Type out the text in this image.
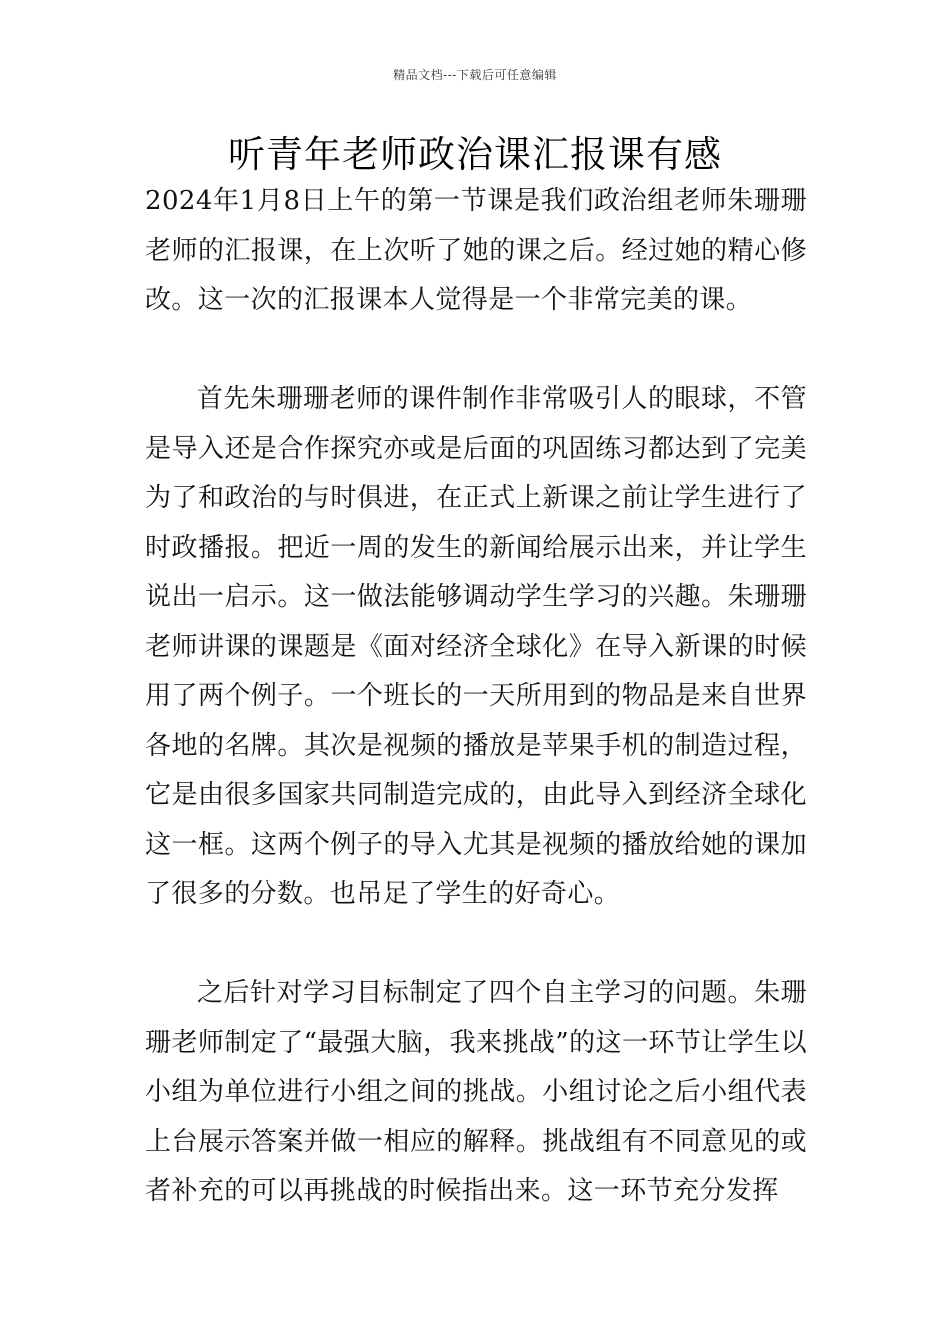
精品文档---下载后可任意编辑
听青年老师政治课汇报课有感

2024年1月8日上午的第一节课是我们政治组老师朱珊珊老师的汇报课，在上次听了她的课之后。经过她的精心修改。这一次的汇报课本人觉得是一个非常完美的课。

首先朱珊珊老师的课件制作非常吸引人的眼球，不管是导入还是合作探究亦或是后面的巩固练习都达到了完美为了和政治的与时俱进，在正式上新课之前让学生进行了时政播报。把近一周的发生的新闻给展示出来，并让学生说出一启示。这一做法能够调动学生学习的兴趣。朱珊珊老师讲课的课题是《面对经济全球化》在导入新课的时候用了两个例子。一个班长的一天所用到的物品是来自世界各地的名牌。其次是视频的播放是苹果手机的制造过程，它是由很多国家共同制造完成的，由此导入到经济全球化这一框。这两个例子的导入尤其是视频的播放给她的课加了很多的分数。也吊足了学生的好奇心。

之后针对学习目标制定了四个自主学习的问题。朱珊珊老师制定了“最强大脑，我来挑战”的这一环节让学生以小组为单位进行小组之间的挑战。小组讨论之后小组代表上台展示答案并做一相应的解释。挑战组有不同意见的或者补充的可以再挑战的时候指出来。这一环节充分发挥
